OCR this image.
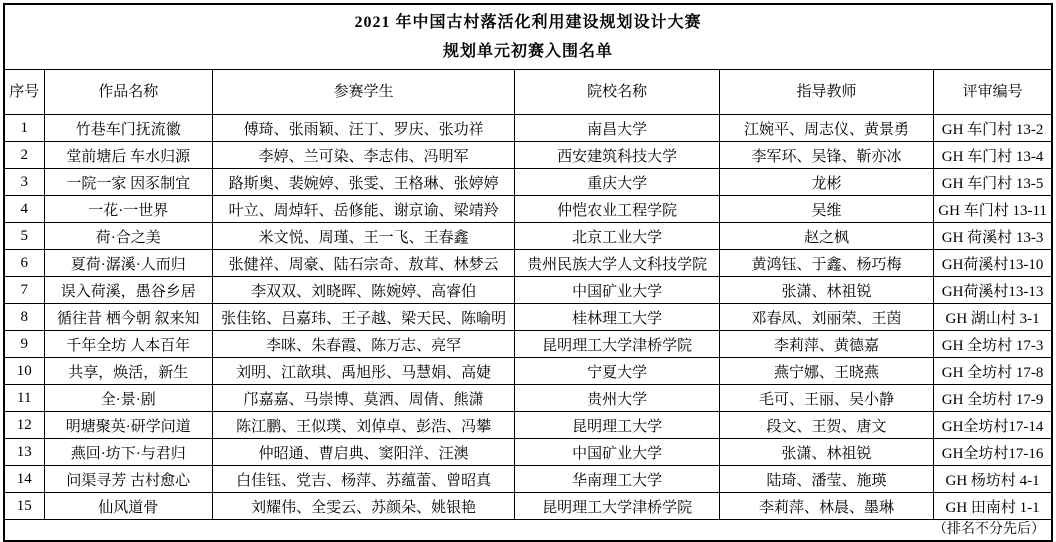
2021 年中国古村落活化利用建设规划设计大赛
规划单元初赛入围名单					

序号	作品名称	参赛学生	院校名称	指导教师	评审编号
1	竹巷车门抚流徽	傅琦、张雨颖、汪丁、罗庆、张功祥	南昌大学	江婉平、周志仪、黄景勇	GH 车门村 13-2
2	堂前塘后 车水归源	李婷、兰可染、李志伟、冯明军	西安建筑科技大学	李军环、吴锋、靳亦冰	GH 车门村 13-4
3	一院一家 因豕制宜	路斯奥、裴婉婷、张雯、王格琳、张婷婷	重庆大学	龙彬	GH 车门村 13-5
4	一花·一世界	叶立、周焯轩、岳修能、谢京谕、梁靖羚	仲恺农业工程学院	吴维	GH 车门村 13-11
5	荷·合之美	米文悦、周瑾、王一飞、王春鑫	北京工业大学	赵之枫	GH 荷溪村 13-3
6	夏荷·潺溪·人而归	张健祥、周豪、陆石宗奇、敖茸、林梦云	贵州民族大学人文科技学院	黄鸿钰、于鑫、杨巧梅	GH荷溪村13-10
7	误入荷溪，愚谷乡居	李双双、刘晓晖、陈婉婷、高睿伯	中国矿业大学	张潇、林祖锐	GH荷溪村13-13
8	循往昔 栖今朝 叙来知	张佳铭、吕嘉玮、王子越、梁天民、陈喻明	桂林理工大学	邓春凤、刘丽荣、王茵	GH 湖山村 3-1
9	千年全坊 人本百年	李咪、朱春霞、陈万志、亮罕	昆明理工大学津桥学院	李莉萍、黄德嘉	GH 全坊村 17-3
10	共享，焕活，新生	刘明、江歆琪、禹旭彤、马慧娟、高婕	宁夏大学	燕宁娜、王晓燕	GH 全坊村 17-8
11	全·景·剧	邝嘉嘉、马崇博、莫洒、周倩、熊潇	贵州大学	毛可、王丽、吴小静	GH 全坊村 17-9
12	明塘聚英·研学问道	陈江鹏、王似璞、刘倬卓、彭浩、冯攀	昆明理工大学	段文、王贺、唐文	GH全坊村17-14
13	燕回·坊下·与君归	仲昭通、曹启典、窦阳洋、汪澳	中国矿业大学	张潇、林祖锐	GH全坊村17-16
14	问渠寻芳 古村愈心	白佳钰、党吉、杨萍、苏蕴蕾、曾昭真	华南理工大学	陆琦、潘莹、施瑛	GH 杨坊村 4-1
15	仙风道骨	刘耀伟、全雯云、苏颜朵、姚银艳	昆明理工大学津桥学院	李莉萍、林晨、墨琳	GH 田南村 1-1
（排名不分先后）					
